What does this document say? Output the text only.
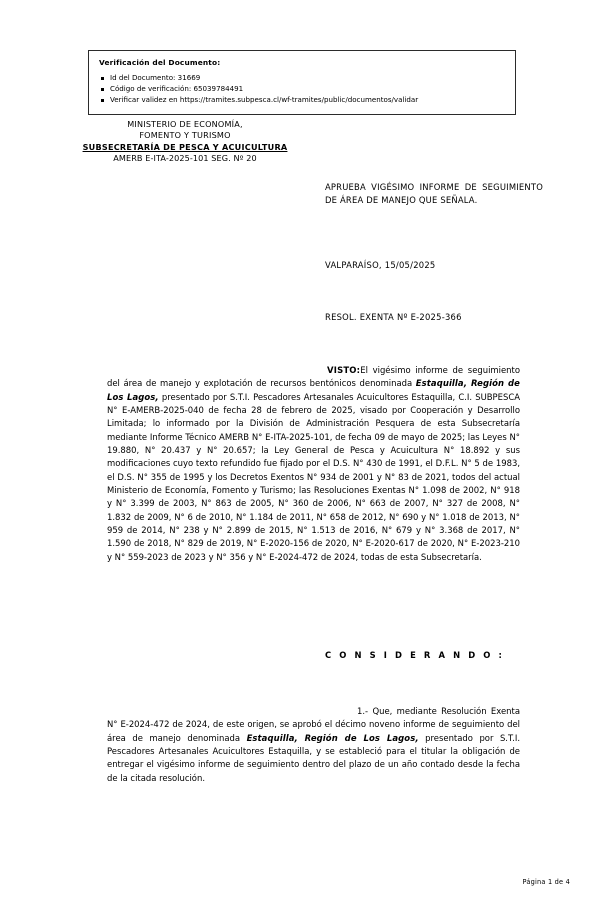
Verificación del Documento:
Id del Documento: 31669
Código de verificación: 65039784491
Verificar validez en https://tramites.subpesca.cl/wf-tramites/public/documentos/validar
MINISTERIO DE ECONOMÍA,
FOMENTO Y TURISMO
SUBSECRETARÍA DE PESCA Y ACUICULTURA
AMERB E-ITA-2025-101 SEG. Nº 20
APRUEBA VIGÉSIMO INFORME DE SEGUIMIENTO DE ÁREA DE MANEJO QUE SEÑALA.
VALPARAÍSO, 15/05/2025
RESOL. EXENTA Nº E-2025-366
VISTO:El vigésimo informe de seguimiento del área de manejo y explotación de recursos bentónicos denominada Estaquilla, Región de Los Lagos, presentado por S.T.I. Pescadores Artesanales Acuicultores Estaquilla, C.I. SUBPESCA N° E-AMERB-2025-040 de fecha 28 de febrero de 2025, visado por Cooperación y Desarrollo Limitada; lo informado por la División de Administración Pesquera de esta Subsecretaría mediante Informe Técnico AMERB N° E-ITA-2025-101, de fecha 09 de mayo de 2025; las Leyes N° 19.880, N° 20.437 y N° 20.657; la Ley General de Pesca y Acuicultura N° 18.892 y sus modificaciones cuyo texto refundido fue fijado por el D.S. N° 430 de 1991, el D.F.L. N° 5 de 1983, el D.S. N° 355 de 1995 y los Decretos Exentos N° 934 de 2001 y N° 83 de 2021, todos del actual Ministerio de Economía, Fomento y Turismo; las Resoluciones Exentas N° 1.098 de 2002, N° 918 y N° 3.399 de 2003, N° 863 de 2005, N° 360 de 2006, N° 663 de 2007, N° 327 de 2008, N° 1.832 de 2009, N° 6 de 2010, N° 1.184 de 2011, N° 658 de 2012, N° 690 y N° 1.018 de 2013, N° 959 de 2014, N° 238 y N° 2.899 de 2015, N° 1.513 de 2016, N° 679 y N° 3.368 de 2017, N° 1.590 de 2018, N° 829 de 2019, N° E-2020-156 de 2020, N° E-2020-617 de 2020, N° E-2023-210 y N° 559-2023 de 2023 y N° 356 y N° E-2024-472 de 2024, todas de esta Subsecretaría.
C O N S I D E R A N D O :
1.- Que, mediante Resolución Exenta N° E-2024-472 de 2024, de este origen, se aprobó el décimo noveno informe de seguimiento del área de manejo denominada Estaquilla, Región de Los Lagos, presentado por S.T.I. Pescadores Artesanales Acuicultores Estaquilla, y se estableció para el titular la obligación de entregar el vigésimo informe de seguimiento dentro del plazo de un año contado desde la fecha de la citada resolución.
Página 1 de 4
